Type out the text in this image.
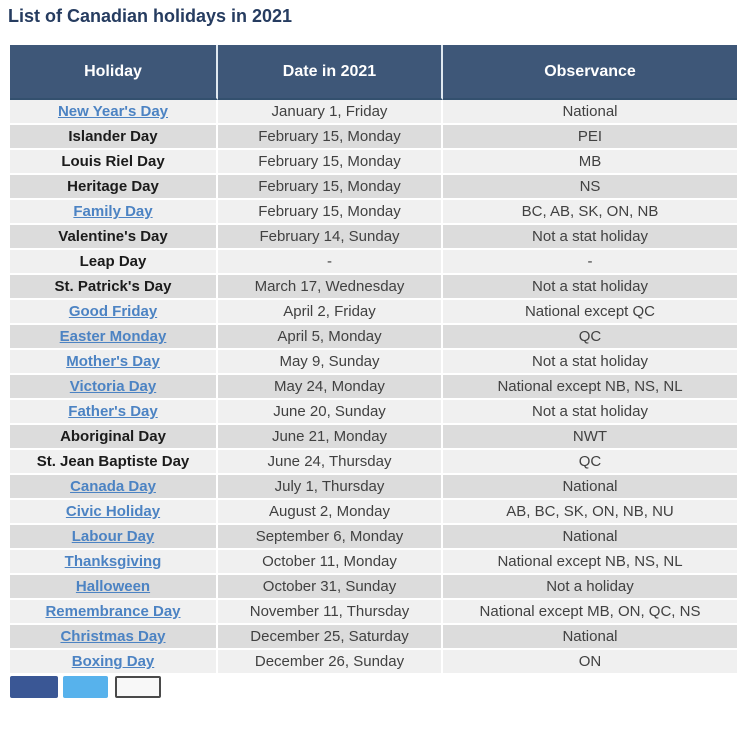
List of Canadian holidays in 2021
Holiday	Date in 2021	Observance
New Year's Day	January 1, Friday	National
Islander Day	February 15, Monday	PEI
Louis Riel Day	February 15, Monday	MB
Heritage Day	February 15, Monday	NS
Family Day	February 15, Monday	BC, AB, SK, ON, NB
Valentine's Day	February 14, Sunday	Not a stat holiday
Leap Day	-	-
St. Patrick's Day	March 17, Wednesday	Not a stat holiday
Good Friday	April 2, Friday	National except QC
Easter Monday	April 5, Monday	QC
Mother's Day	May 9, Sunday	Not a stat holiday
Victoria Day	May 24, Monday	National except NB, NS, NL
Father's Day	June 20, Sunday	Not a stat holiday
Aboriginal Day	June 21, Monday	NWT
St. Jean Baptiste Day	June 24, Thursday	QC
Canada Day	July 1, Thursday	National
Civic Holiday	August 2, Monday	AB, BC, SK, ON, NB, NU
Labour Day	September 6, Monday	National
Thanksgiving	October 11, Monday	National except NB, NS, NL
Halloween	October 31, Sunday	Not a holiday
Remembrance Day	November 11, Thursday	National except MB, ON, QC, NS
Christmas Day	December 25, Saturday	National
Boxing Day	December 26, Sunday	ON
